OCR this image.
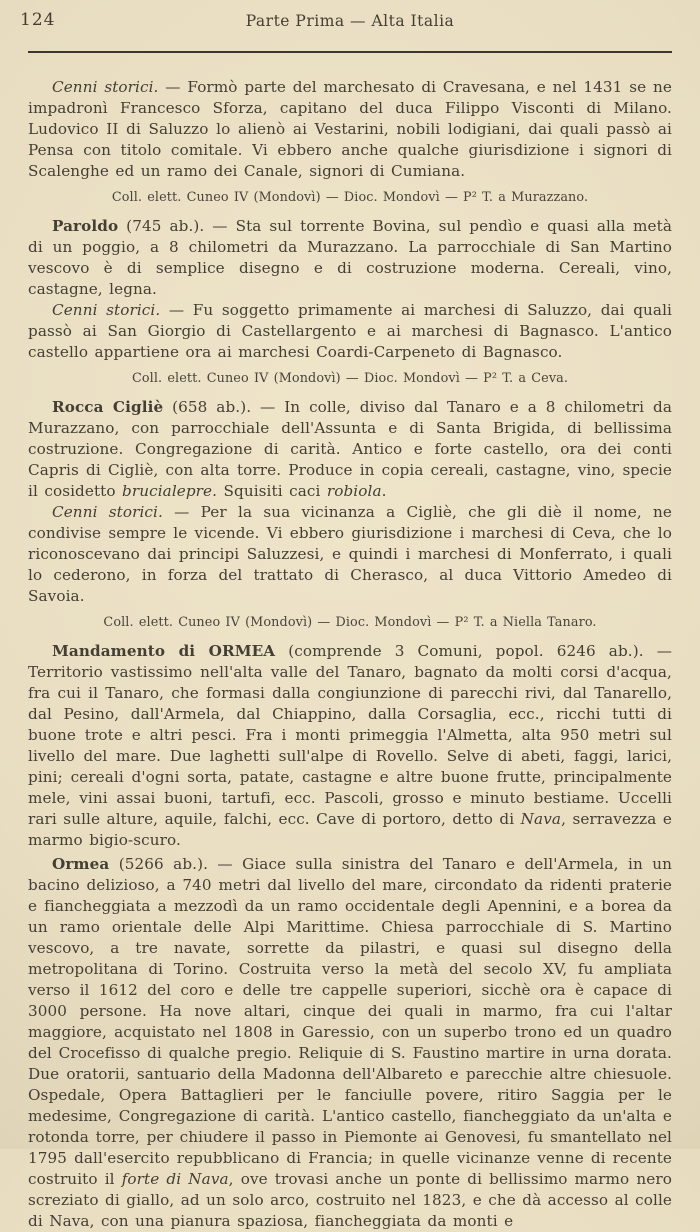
124	Parte Prima — Alta Italia

Cenni storici. — Formò parte del marchesato di Cravesana, e nel 1431 se ne impadronì Francesco Sforza, capitano del duca Filippo Visconti di Milano. Ludovico II di Saluzzo lo alienò ai Vestarini, nobili lodigiani, dai quali passò ai Pensa con titolo comitale. Vi ebbero anche qualche giurisdizione i signori di Scalenghe ed un ramo dei Canale, signori di Cumiana.

Coll. elett. Cuneo IV (Mondovì) — Dioc. Mondovì — P² T. a Murazzano.

Paroldo (745 ab.). — Sta sul torrente Bovina, sul pendìo e quasi alla metà di un poggio, a 8 chilometri da Murazzano. La parrocchiale di San Martino vescovo è di semplice disegno e di costruzione moderna. Cereali, vino, castagne, legna.

Cenni storici. — Fu soggetto primamente ai marchesi di Saluzzo, dai quali passò ai San Giorgio di Castellargento e ai marchesi di Bagnasco. L'antico castello appartiene ora ai marchesi Coardi-Carpeneto di Bagnasco.

Coll. elett. Cuneo IV (Mondovì) — Dioc. Mondovì — P² T. a Ceva.

Rocca Cigliè (658 ab.). — In colle, diviso dal Tanaro e a 8 chilometri da Murazzano, con parrocchiale dell'Assunta e di Santa Brigida, di bellissima costruzione. Congregazione di carità. Antico e forte castello, ora dei conti Capris di Cigliè, con alta torre. Produce in copia cereali, castagne, vino, specie il cosidetto brucialepre. Squisiti caci robiola.

Cenni storici. — Per la sua vicinanza a Cigliè, che gli diè il nome, ne condivise sempre le vicende. Vi ebbero giurisdizione i marchesi di Ceva, che lo riconoscevano dai principi Saluzzesi, e quindi i marchesi di Monferrato, i quali lo cederono, in forza del trattato di Cherasco, al duca Vittorio Amedeo di Savoia.

Coll. elett. Cuneo IV (Mondovì) — Dioc. Mondovì — P² T. a Niella Tanaro.

Mandamento di ORMEA (comprende 3 Comuni, popol. 6246 ab.). — Territorio vastissimo nell'alta valle del Tanaro, bagnato da molti corsi d'acqua, fra cui il Tanaro, che formasi dalla congiunzione di parecchi rivi, dal Tanarello, dal Pesino, dall'Armela, dal Chiappino, dalla Corsaglia, ecc., ricchi tutti di buone trote e altri pesci. Fra i monti primeggia l'Almetta, alta 950 metri sul livello del mare. Due laghetti sull'alpe di Rovello. Selve di abeti, faggi, larici, pini; cereali d'ogni sorta, patate, castagne e altre buone frutte, principalmente mele, vini assai buoni, tartufi, ecc. Pascoli, grosso e minuto bestiame. Uccelli rari sulle alture, aquile, falchi, ecc. Cave di portoro, detto di Nava, serravezza e marmo bigio-scuro.

Ormea (5266 ab.). — Giace sulla sinistra del Tanaro e dell'Armela, in un bacino delizioso, a 740 metri dal livello del mare, circondato da ridenti praterie e fiancheggiata a mezzodì da un ramo occidentale degli Apennini, e a borea da un ramo orientale delle Alpi Marittime. Chiesa parrocchiale di S. Martino vescovo, a tre navate, sorrette da pilastri, e quasi sul disegno della metropolitana di Torino. Costruita verso la metà del secolo XV, fu ampliata verso il 1612 del coro e delle tre cappelle superiori, sicchè ora è capace di 3000 persone. Ha nove altari, cinque dei quali in marmo, fra cui l'altar maggiore, acquistato nel 1808 in Garessio, con un superbo trono ed un quadro del Crocefisso di qualche pregio. Reliquie di S. Faustino martire in urna dorata. Due oratorii, santuario della Madonna dell'Albareto e parecchie altre chiesuole. Ospedale, Opera Battaglieri per le fanciulle povere, ritiro Saggia per le medesime, Congregazione di carità. L'antico castello, fiancheggiato da un'alta e rotonda torre, per chiudere il passo in Piemonte ai Genovesi, fu smantellato nel 1795 dall'esercito repubblicano di Francia; in quelle vicinanze venne di recente costruito il forte di Nava, ove trovasi anche un ponte di bellissimo marmo nero screziato di giallo, ad un solo arco, costruito nel 1823, e che dà accesso al colle di Nava, con una pianura spaziosa, fiancheggiata da monti e
